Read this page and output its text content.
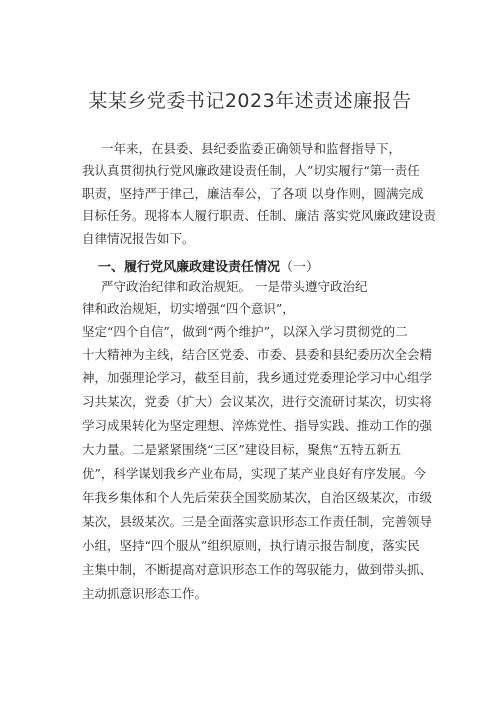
某某乡党委书记2023年述责述廉报告
一年来，在县委、县纪委监委正确领导和监督指导下，
我认真贯彻执行党风廉政建设责任制，人”切实履行“第一责任
职责，坚持严于律己，廉洁奉公，了各项 以身作则，圆满完成
目标任务。现将本人履行职责、任制、廉洁 落实党风廉政建设责
自律情况报告如下。
一、履行党风廉政建设责任情况（一）
严守政治纪律和政治规矩。 一是带头遵守政治纪
律和政治规矩，切实增强“四个意识”，
坚定“四个自信”，做到“两个维护”，以深入学习贯彻党的二
十大精神为主线，结合区党委、市委、县委和县纪委历次全会精
神，加强理论学习，截至目前，我乡通过党委理论学习中心组学
习共某次，党委（扩大）会议某次，进行交流研讨某次，切实将
学习成果转化为坚定理想、淬炼党性、指导实践、推动工作的强
大力量。二是紧紧围绕“三区”建设目标，聚焦“五特五新五
优”，科学谋划我乡产业布局，实现了某产业良好有序发展。今
年我乡集体和个人先后荣获全国奖励某次，自治区级某次，市级
某次，县级某次。三是全面落实意识形态工作责任制，完善领导
小组，坚持“四个服从”组织原则，执行请示报告制度，落实民
主集中制，不断提高对意识形态工作的驾驭能力，做到带头抓、
主动抓意识形态工作。
